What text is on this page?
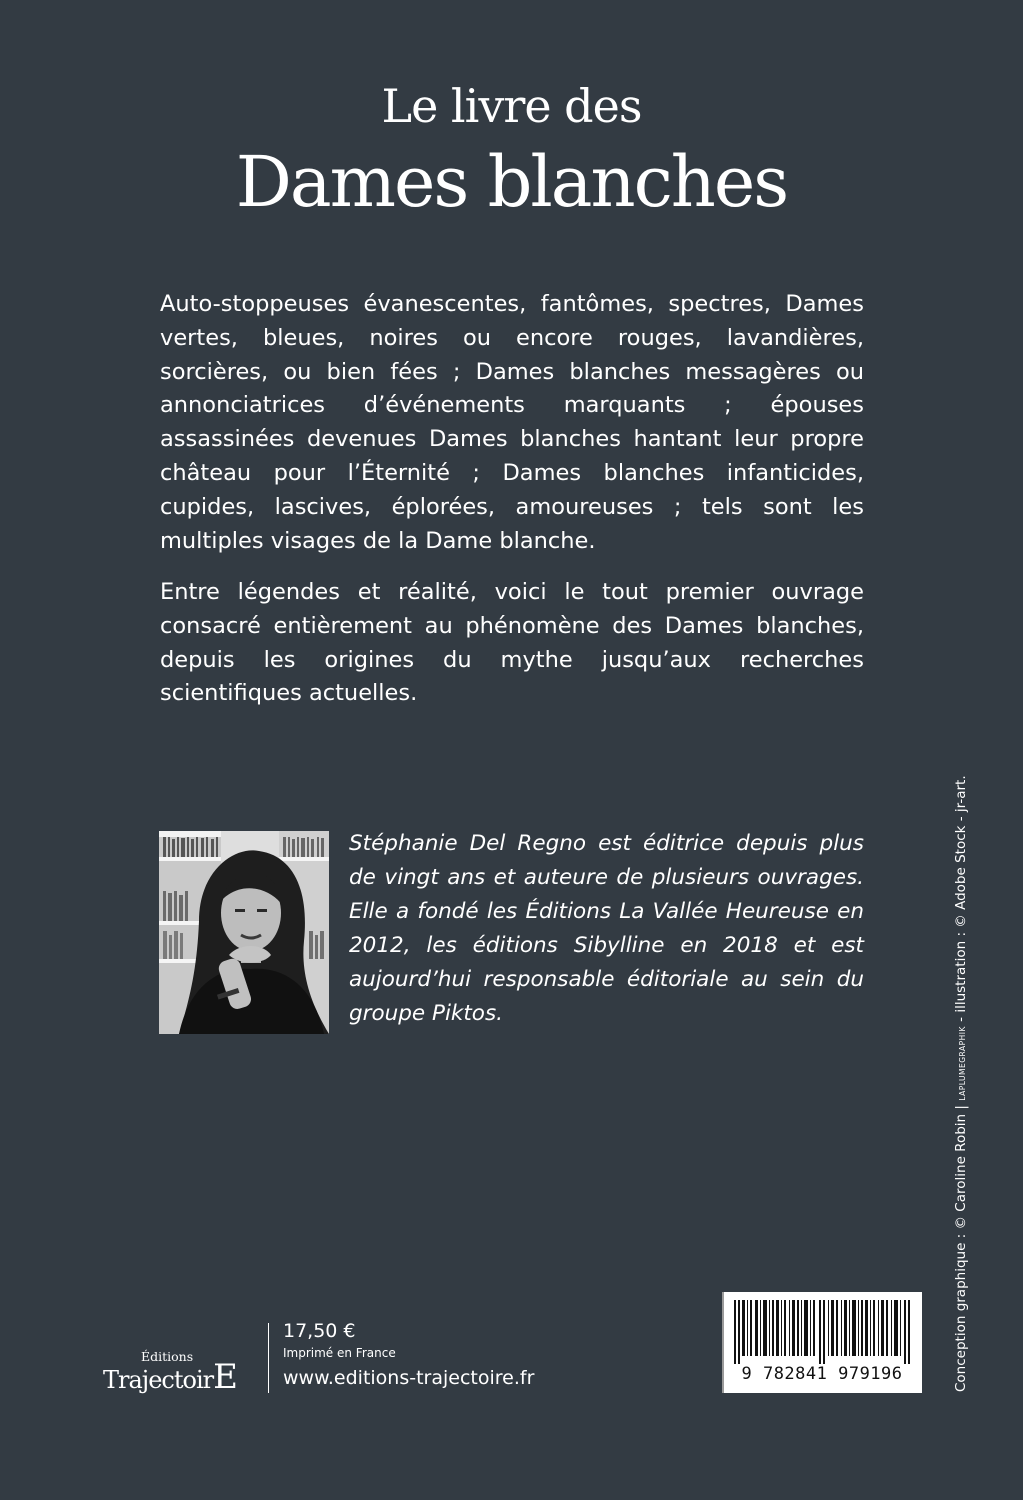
Le livre des
Dames blanches

Auto-stoppeuses évanescentes, fantômes, spectres, Dames vertes, bleues, noires ou encore rouges, lavandières, sorcières, ou bien fées ; Dames blanches messagères ou annonciatrices d’événements marquants ; épouses assassinées devenues Dames blanches hantant leur propre château pour l’Éternité ; Dames blanches infanticides, cupides, lascives, éplorées, amoureuses ; tels sont les multiples visages de la Dame blanche.

Entre légendes et réalité, voici le tout premier ouvrage consacré entièrement au phénomène des Dames blanches, depuis les origines du mythe jusqu’aux recherches scientifiques actuelles.

Stéphanie Del Regno est éditrice depuis plus de vingt ans et auteure de plusieurs ouvrages. Elle a fondé les Éditions La Vallée Heureuse en 2012, les éditions Sibylline en 2018 et est aujourd’hui responsable éditoriale au sein du groupe Piktos.

Conception graphique : © Caroline Robin | LAPLUMEGRAPHIK - illustration : © Adobe Stock - jr-art.
Éditions
TrajectoirE
17,50 €
Imprimé en France
www.editions-trajectoire.fr	9 782841 979196
